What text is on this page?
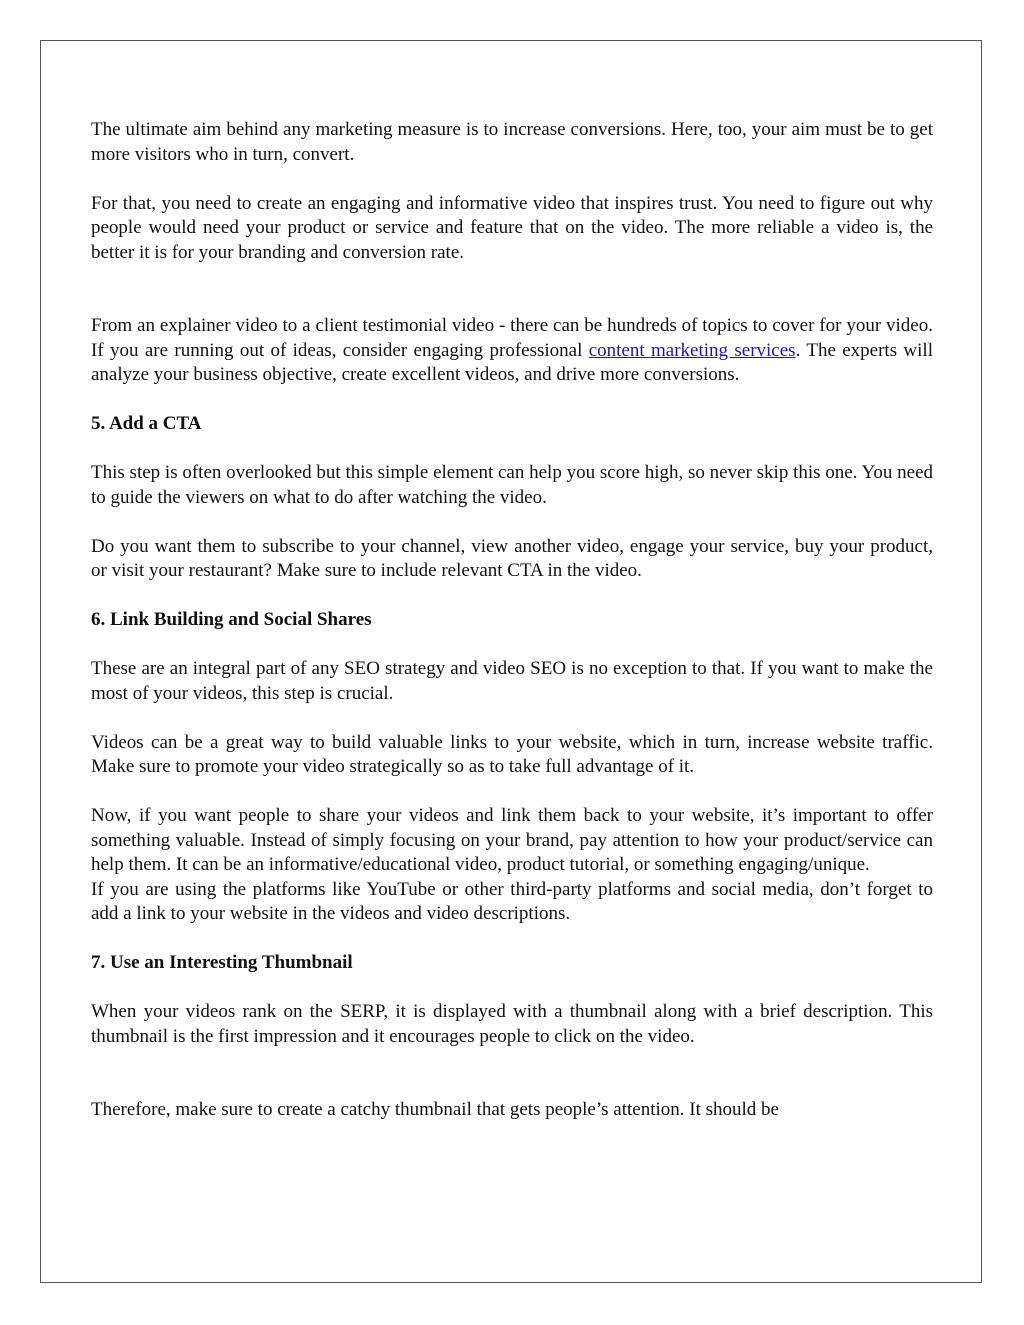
The ultimate aim behind any marketing measure is to increase conversions. Here, too, your aim must be to get more visitors who in turn, convert.

For that, you need to create an engaging and informative video that inspires trust. You need to figure out why people would need your product or service and feature that on the video. The more reliable a video is, the better it is for your branding and conversion rate.

From an explainer video to a client testimonial video - there can be hundreds of topics to cover for your video. If you are running out of ideas, consider engaging professional content marketing services. The experts will analyze your business objective, create excellent videos, and drive more conversions.

5. Add a CTA

This step is often overlooked but this simple element can help you score high, so never skip this one. You need to guide the viewers on what to do after watching the video.

Do you want them to subscribe to your channel, view another video, engage your service, buy your product, or visit your restaurant? Make sure to include relevant CTA in the video.

6. Link Building and Social Shares

These are an integral part of any SEO strategy and video SEO is no exception to that. If you want to make the most of your videos, this step is crucial.

Videos can be a great way to build valuable links to your website, which in turn, increase website traffic. Make sure to promote your video strategically so as to take full advantage of it.

Now, if you want people to share your videos and link them back to your website, it’s important to offer something valuable. Instead of simply focusing on your brand, pay attention to how your product/service can help them. It can be an informative/educational video, product tutorial, or something engaging/unique.

If you are using the platforms like YouTube or other third-party platforms and social media, don’t forget to add a link to your website in the videos and video descriptions.

7. Use an Interesting Thumbnail

When your videos rank on the SERP, it is displayed with a thumbnail along with a brief description. This thumbnail is the first impression and it encourages people to click on the video.

Therefore, make sure to create a catchy thumbnail that gets people’s attention. It should be
